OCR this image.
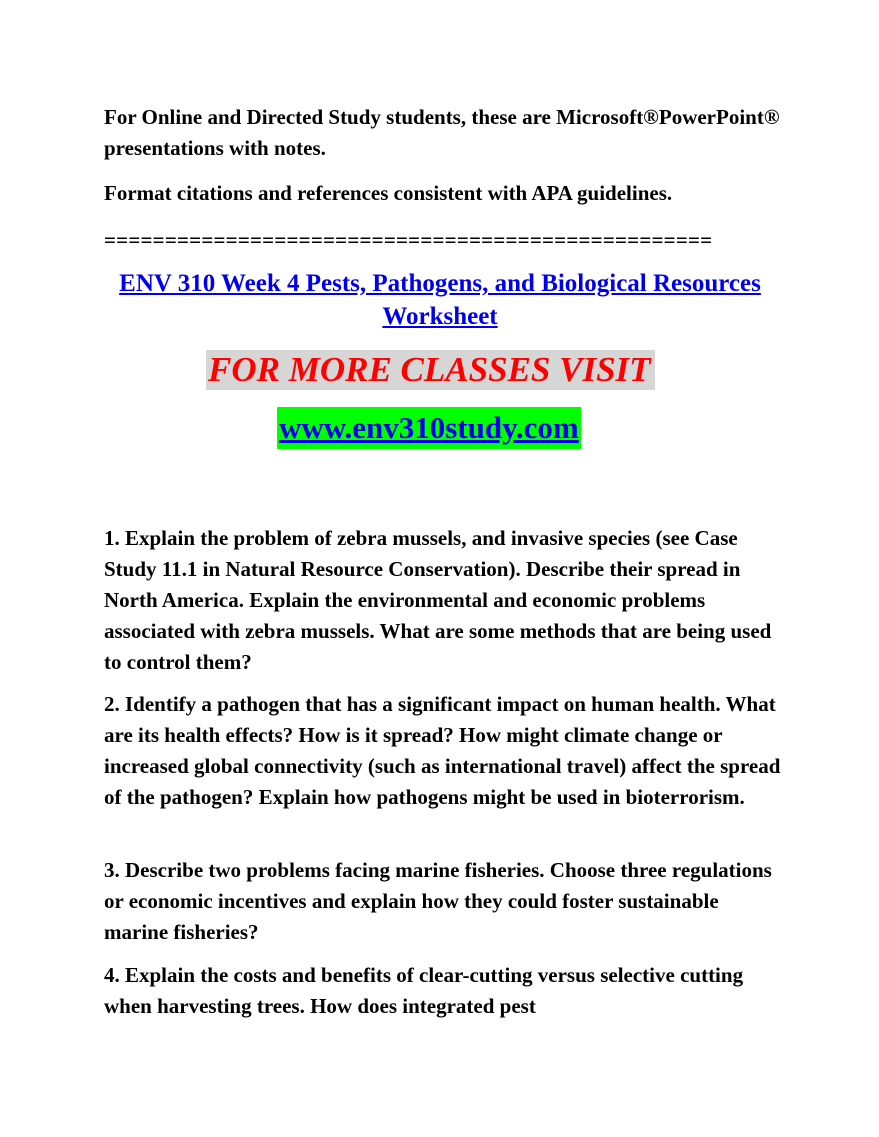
For Online and Directed Study students, these are Microsoft®PowerPoint® presentations with notes.

Format citations and references consistent with APA guidelines.

==================================================
ENV 310 Week 4 Pests, Pathogens, and Biological Resources Worksheet
FOR MORE CLASSES VISIT
www.env310study.com

1. Explain the problem of zebra mussels, and invasive species (see Case Study 11.1 in Natural Resource Conservation). Describe their spread in North America. Explain the environmental and economic problems associated with zebra mussels. What are some methods that are being used to control them?

2. Identify a pathogen that has a significant impact on human health. What are its health effects? How is it spread? How might climate change or increased global connectivity (such as international travel) affect the spread of the pathogen? Explain how pathogens might be used in bioterrorism.

3. Describe two problems facing marine fisheries. Choose three regulations or economic incentives and explain how they could foster sustainable marine fisheries?

4. Explain the costs and benefits of clear-cutting versus selective cutting when harvesting trees. How does integrated pest
